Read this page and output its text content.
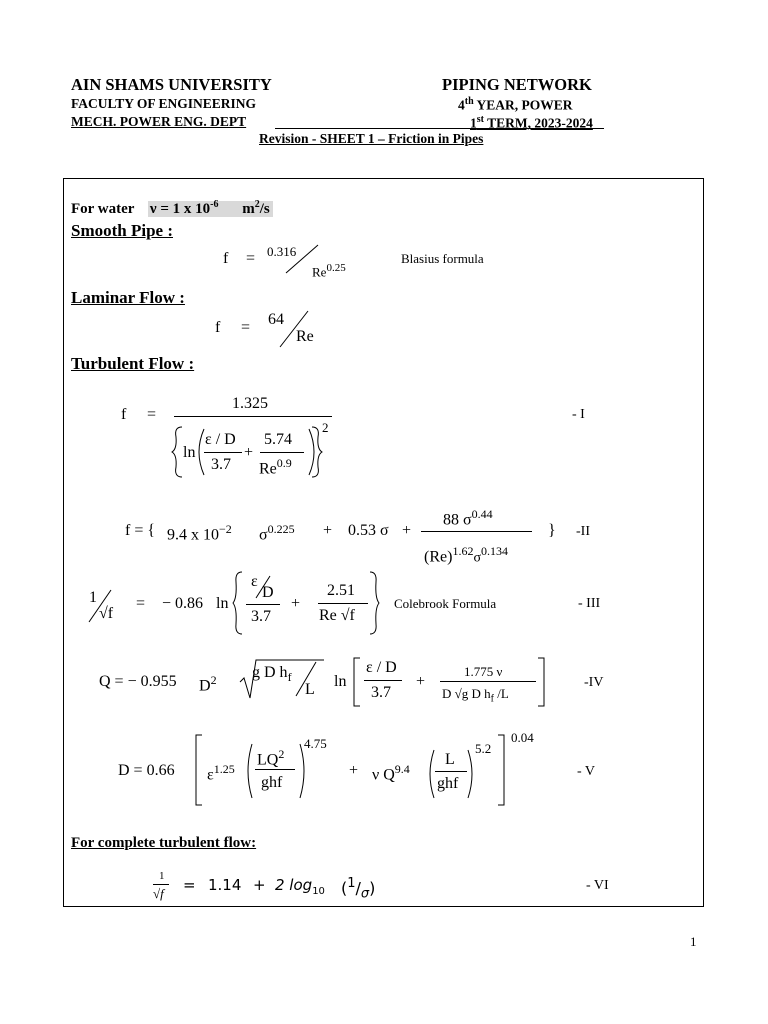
AIN SHAMS UNIVERSITY
FACULTY OF ENGINEERING
MECH. POWER ENG. DEPT
PIPING NETWORK
4th YEAR, POWER
1st TERM, 2023-2024
Revision - SHEET 1 – Friction in Pipes
For water ν = 1 x $10^{-6}$ $m^2/s$
Smooth Pipe :
f = 0.316
$Re^{0.25}$
Blasius formula
Laminar Flow :
f = 64
Re
Turbulent Flow :
f =
1.325
ln
ε / D
3.7
+
5.74
$Re^{0.9}$
2
- I
f = { 9.4 x $10^{-2}$ $\sigma^{0.225} + 0.53$ σ +
88 $\sigma^{0.44}$
$(Re)^{1.62}\sigma^{0.134}$
} -II
1
√f
= − 0.86 ln
ε
D
3.7
+
2.51
Re √f
Colebrook Formula	- III
Q = − 0.955 $D^2$ g D $h_f$
L ln
ε / D
3.7
+
1.775 ν
D √g D $h_f$ /L
-IV
D = 0.66 $\varepsilon^{1.25}$
$LQ^2$
ghf
4.75
+ ν $Q^{9.4}$
L
ghf
5.2
0.04
- V
For complete turbulent flow:
1
√f = 1.14 + 2 $\log_{10} (^1/_\sigma)$	- VI
1
